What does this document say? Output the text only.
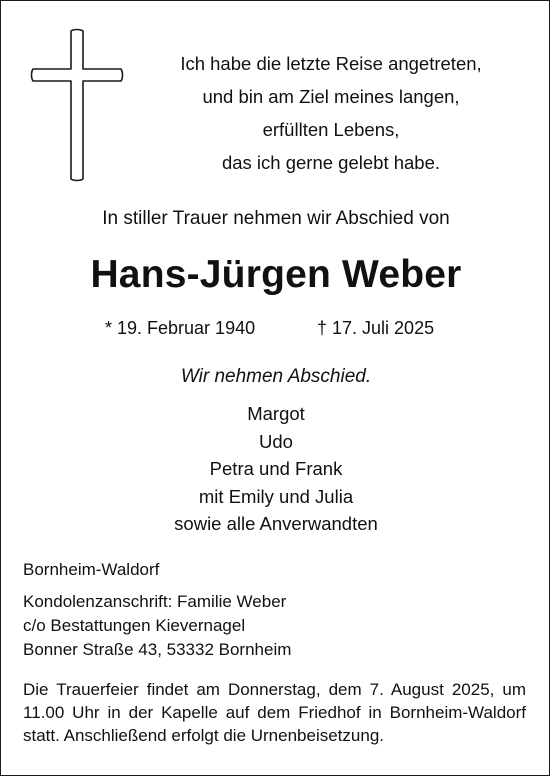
Ich habe die letzte Reise angetreten,
und bin am Ziel meines langen,
erfüllten Lebens,
das ich gerne gelebt habe.
In stiller Trauer nehmen wir Abschied von
Hans-Jürgen Weber
* 19. Februar 1940	† 17. Juli 2025
Wir nehmen Abschied.
Margot
Udo
Petra und Frank
mit Emily und Julia
sowie alle Anverwandten
Bornheim-Waldorf
Kondolenzanschrift: Familie Weber
c/o Bestattungen Kievernagel
Bonner Straße 43, 53332 Bornheim
Die Trauerfeier findet am Donnerstag, dem 7. August 2025, um 11.00 Uhr in der Kapelle auf dem Friedhof in Bornheim-Waldorf statt. Anschließend erfolgt die Urnenbeisetzung.
